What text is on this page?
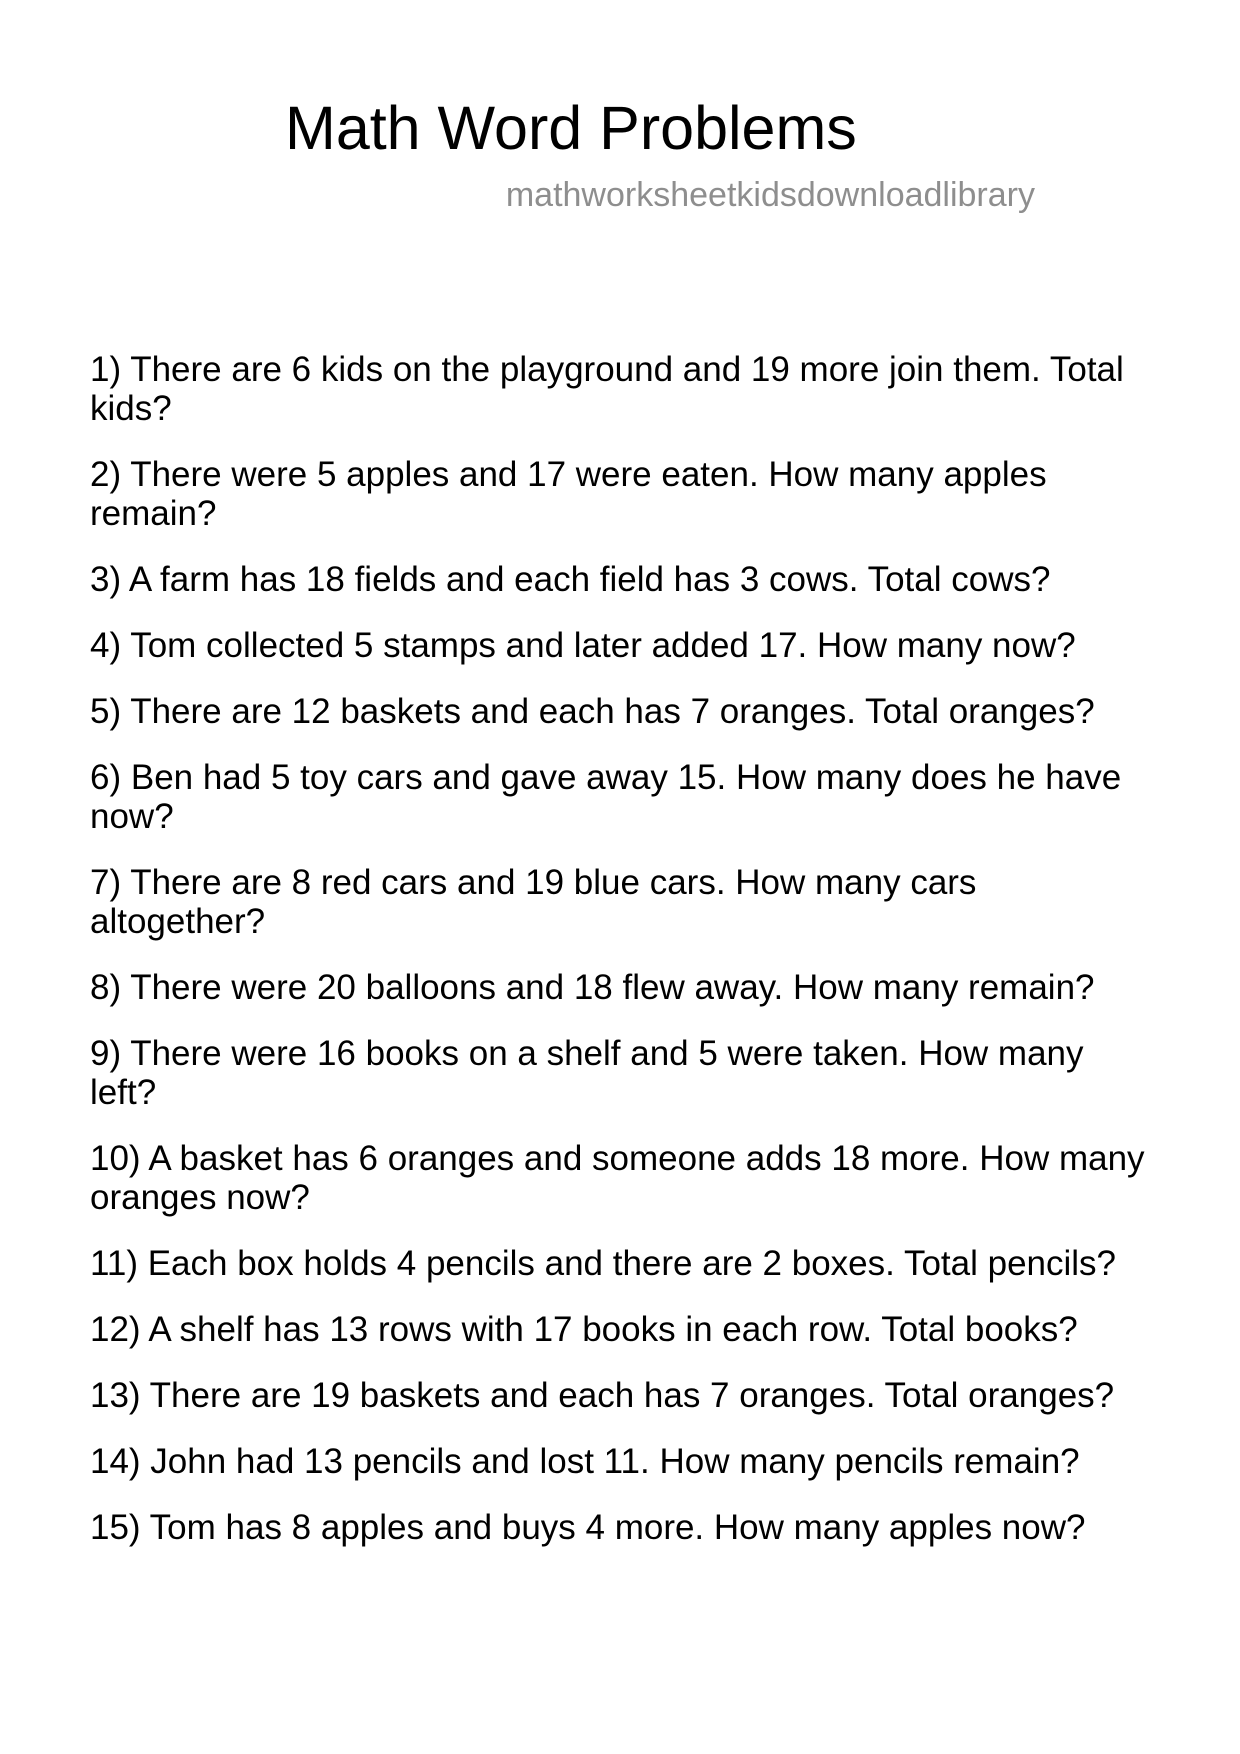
Math Word Problems
mathworksheetkidsdownloadlibrary

1) There are 6 kids on the playground and 19 more join them. Total kids?

2) There were 5 apples and 17 were eaten. How many apples remain?

3) A farm has 18 fields and each field has 3 cows. Total cows?

4) Tom collected 5 stamps and later added 17. How many now?

5) There are 12 baskets and each has 7 oranges. Total oranges?

6) Ben had 5 toy cars and gave away 15. How many does he have now?

7) There are 8 red cars and 19 blue cars. How many cars altogether?

8) There were 20 balloons and 18 flew away. How many remain?

9) There were 16 books on a shelf and 5 were taken. How many left?

10) A basket has 6 oranges and someone adds 18 more. How many oranges now?

11) Each box holds 4 pencils and there are 2 boxes. Total pencils?

12) A shelf has 13 rows with 17 books in each row. Total books?

13) There are 19 baskets and each has 7 oranges. Total oranges?

14) John had 13 pencils and lost 11. How many pencils remain?

15) Tom has 8 apples and buys 4 more. How many apples now?
